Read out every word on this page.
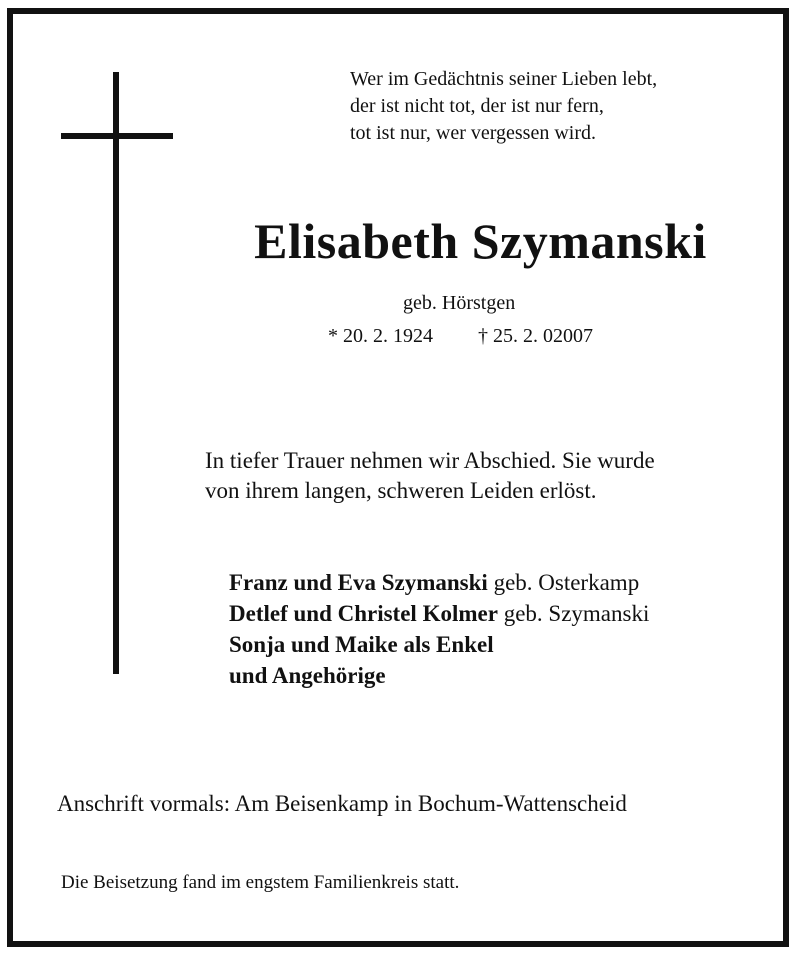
Wer im Gedächtnis seiner Lieben lebt,
der ist nicht tot, der ist nur fern,
tot ist nur, wer vergessen wird.
Elisabeth Szymanski
geb. Hörstgen
* 20. 2. 1924 † 25. 2. 02007
In tiefer Trauer nehmen wir Abschied. Sie wurde
von ihrem langen, schweren Leiden erlöst.
Franz und Eva Szymanski geb. Osterkamp
Detlef und Christel Kolmer geb. Szymanski
Sonja und Maike als Enkel
und Angehörige
Anschrift vormals: Am Beisenkamp in Bochum-Wattenscheid
Die Beisetzung fand im engstem Familienkreis statt.
